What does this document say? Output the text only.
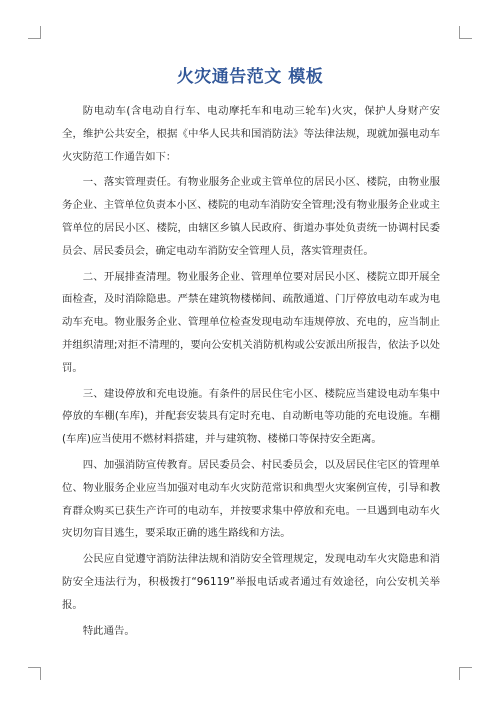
火灾通告范文 模板

防电动车(含电动自行车、电动摩托车和电动三轮车)火灾，保护人身财产安全，维护公共安全，根据《中华人民共和国消防法》等法律法规，现就加强电动车火灾防范工作通告如下：

一、落实管理责任。有物业服务企业或主管单位的居民小区、楼院，由物业服务企业、主管单位负责本小区、楼院的电动车消防安全管理;没有物业服务企业或主管单位的居民小区、楼院，由辖区乡镇人民政府、街道办事处负责统一协调村民委员会、居民委员会，确定电动车消防安全管理人员，落实管理责任。

二、开展排查清理。物业服务企业、管理单位要对居民小区、楼院立即开展全面检查，及时消除隐患。严禁在建筑物楼梯间、疏散通道、门厅停放电动车或为电动车充电。物业服务企业、管理单位检查发现电动车违规停放、充电的，应当制止并组织清理;对拒不清理的，要向公安机关消防机构或公安派出所报告，依法予以处罚。

三、建设停放和充电设施。有条件的居民住宅小区、楼院应当建设电动车集中停放的车棚(车库)，并配套安装具有定时充电、自动断电等功能的充电设施。车棚(车库)应当使用不燃材料搭建，并与建筑物、楼梯口等保持安全距离。

四、加强消防宣传教育。居民委员会、村民委员会，以及居民住宅区的管理单位、物业服务企业应当加强对电动车火灾防范常识和典型火灾案例宣传，引导和教育群众购买已获生产许可的电动车，并按要求集中停放和充电。一旦遇到电动车火灾切勿盲目逃生，要采取正确的逃生路线和方法。

公民应自觉遵守消防法律法规和消防安全管理规定，发现电动车火灾隐患和消防安全违法行为，积极拨打“96119”举报电话或者通过有效途径，向公安机关举报。

特此通告。
